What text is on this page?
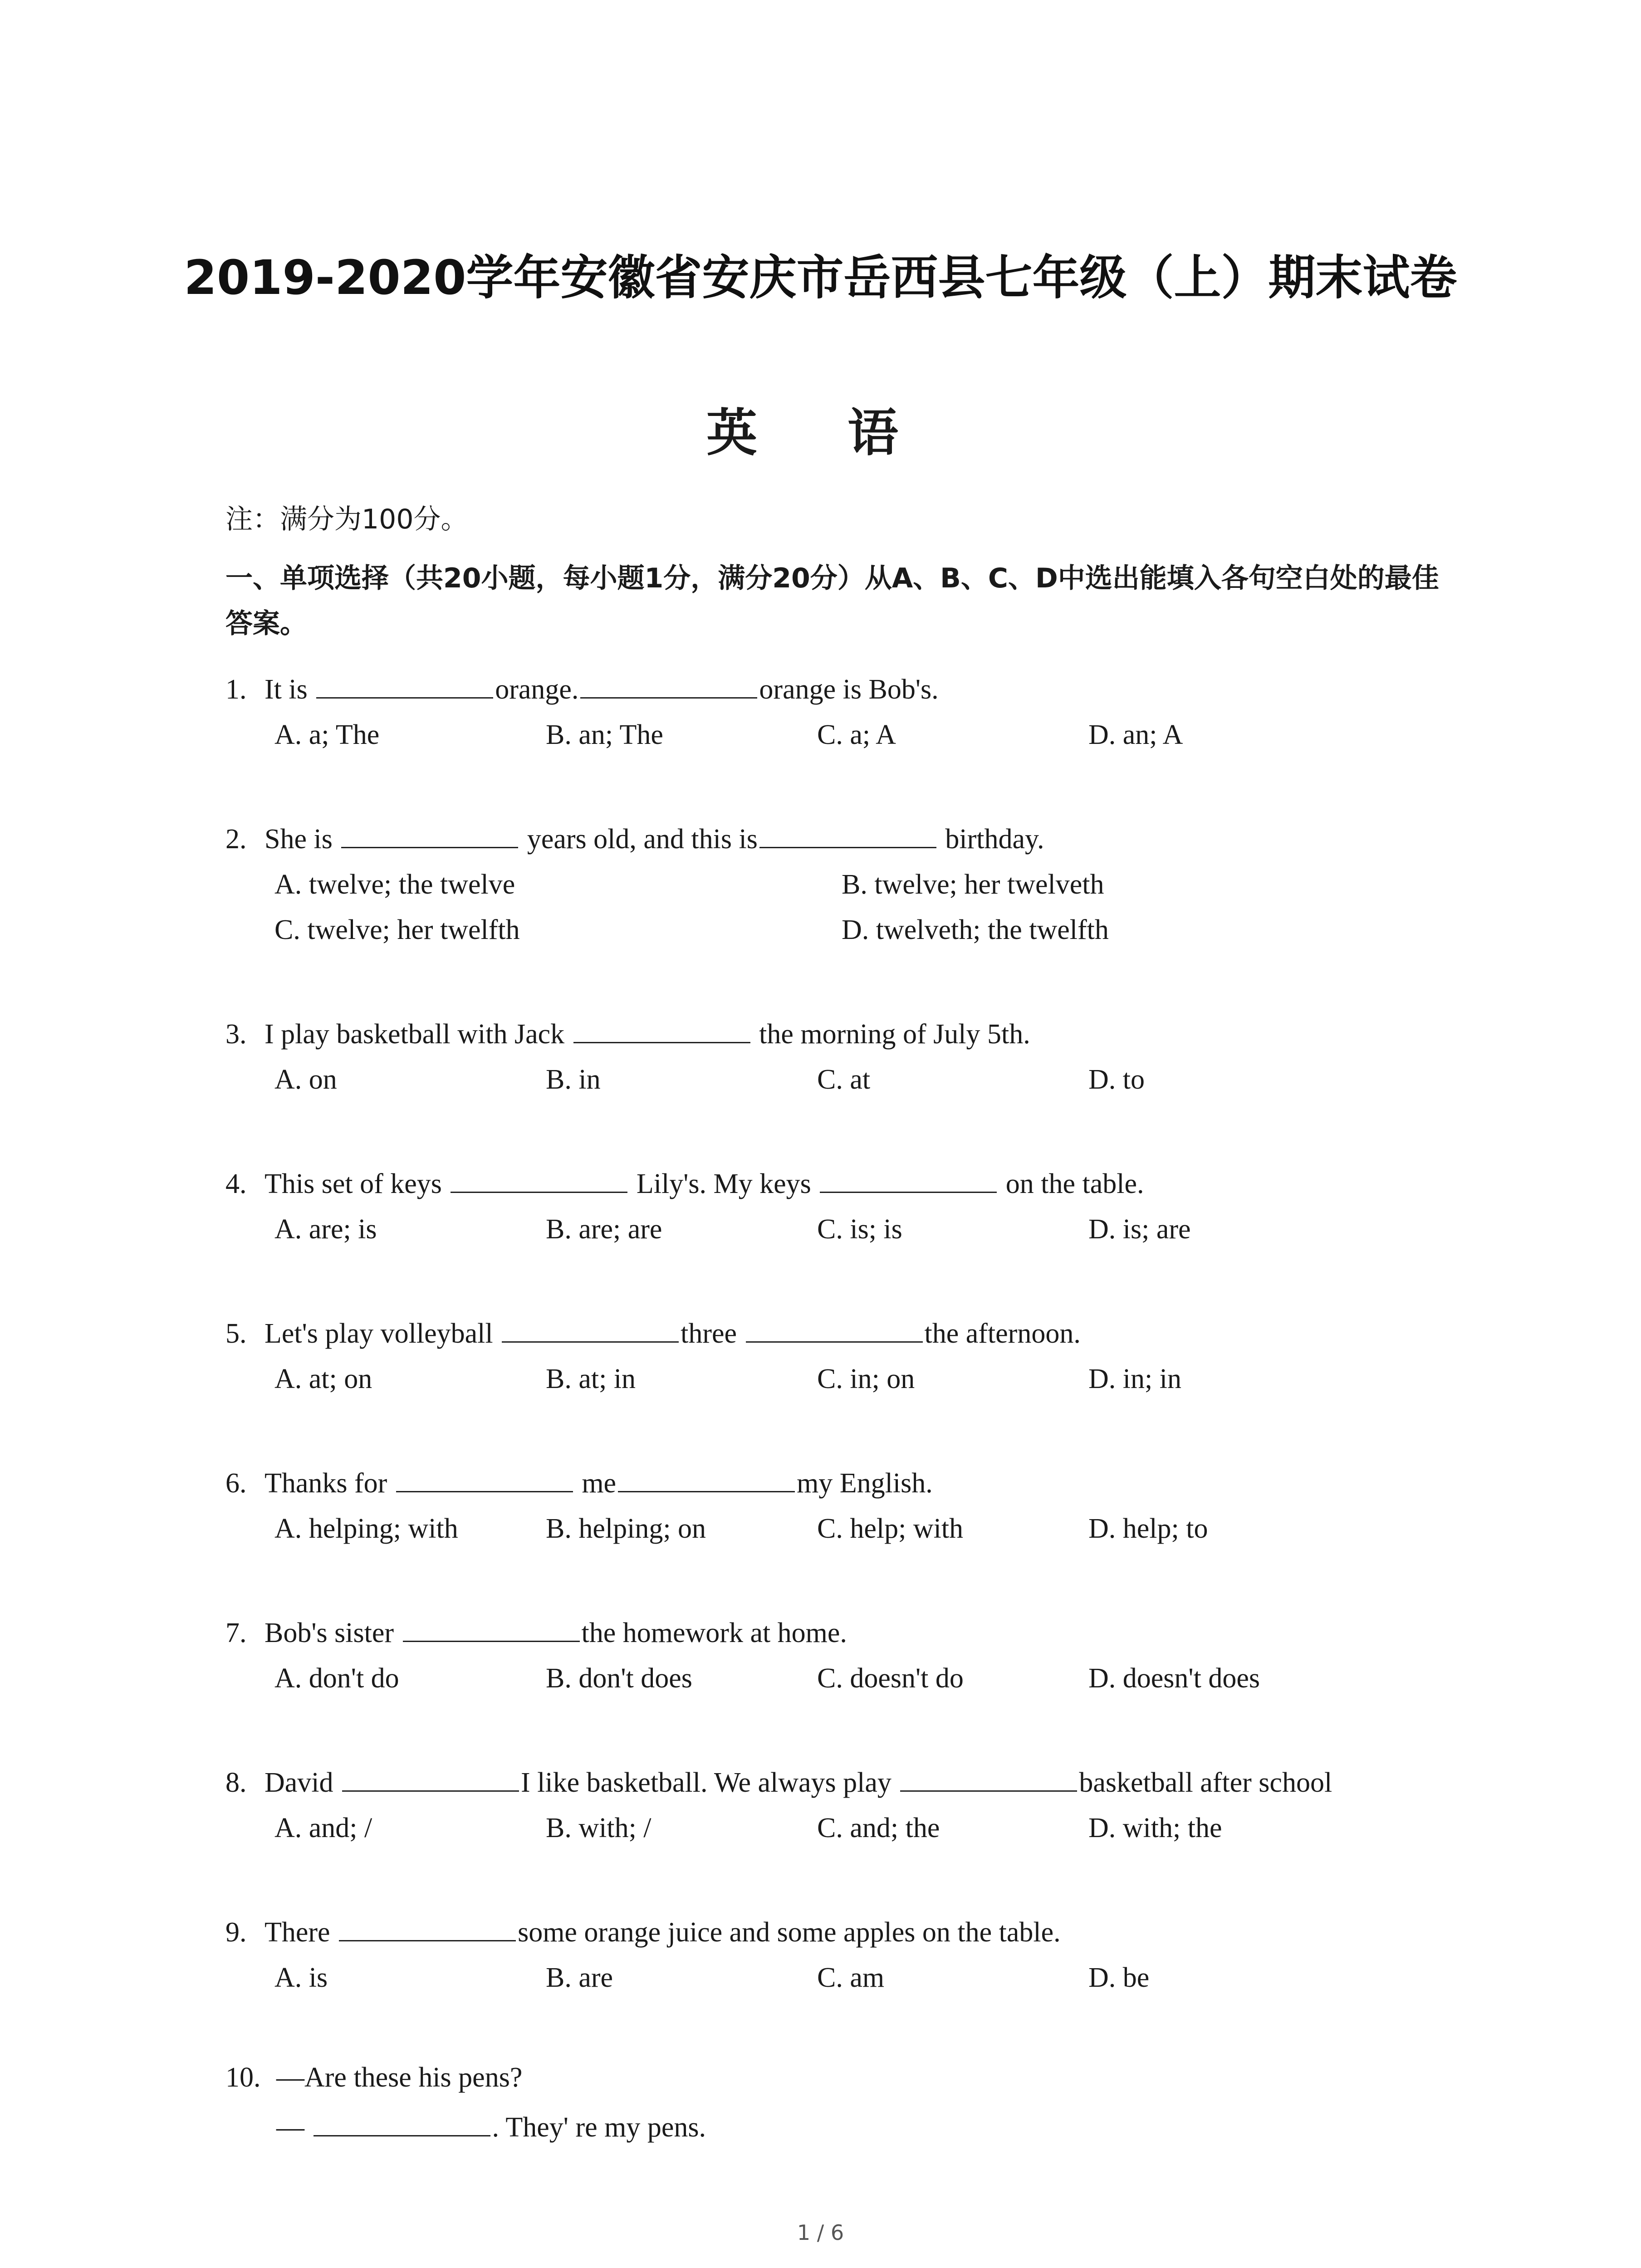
2019-2020学年安徽省安庆市岳西县七年级（上）期末试卷
英 语
注：满分为100分。
一、单项选择（共20小题，每小题1分，满分20分）从A、B、C、D中选出能填入各句空白处的最佳答案。
1. It is	orange.	orange is Bob's.
A. a; The	B. an; The	C. a; A	D. an; A
2. She is	years old, and this is	birthday.
A. twelve; the twelve	B. twelve; her twelveth
C. twelve; her twelfth	D. twelveth; the twelfth
3. I play basketball with Jack	the morning of July 5th.
A. on	B. in	C. at	D. to
4. This set of keys	Lily's. My keys	on the table.
A. are; is	B. are; are	C. is; is	D. is; are
5. Let's play volleyball	three	the afternoon.
A. at; on	B. at; in	C. in; on	D. in; in
6. Thanks for	me	my English.
A. helping; with	B. helping; on	C. help; with	D. help; to
7. Bob's sister	the homework at home.
A. don't do	B. don't does	C. doesn't do	D. doesn't does
8. David	I like basketball. We always play	basketball after school
A. and; /	B. with; /	C. and; the	D. with; the
9. There	some orange juice and some apples on the table.
A. is	B. are	C. am	D. be
10. —Are these his pens?
—	. They' re my pens.
1 / 6
